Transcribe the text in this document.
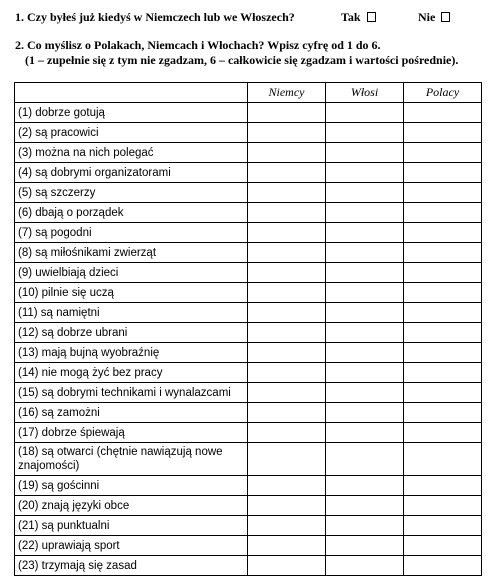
1. Czy byłeś już kiedyś w Niemczech lub we Włoszech?	Tak	Nie
2. Co myślisz o Polakach, Niemcach i Włochach? Wpisz cyfrę od 1 do 6.
(1 – zupełnie się z tym nie zgadzam, 6 – całkowicie się zgadzam i wartości pośrednie).
	Niemcy	Włosi	Polacy
(1) dobrze gotują			
(2) są pracowici			
(3) można na nich polegać			
(4) są dobrymi organizatorami			
(5) są szczerzy			
(6) dbają o porządek			
(7) są pogodni			
(8) są miłośnikami zwierząt			
(9) uwielbiają dzieci			
(10) pilnie się uczą			
(11) są namiętni			
(12) są dobrze ubrani			
(13) mają bujną wyobraźnię			
(14) nie mogą żyć bez pracy			
(15) są dobrymi technikami i wynalazcami			
(16) są zamożni			
(17) dobrze śpiewają			
(18) są otwarci (chętnie nawiązują nowe znajomości)			
(19) są gościnni			
(20) znają języki obce			
(21) są punktualni			
(22) uprawiają sport			
(23) trzymają się zasad			
